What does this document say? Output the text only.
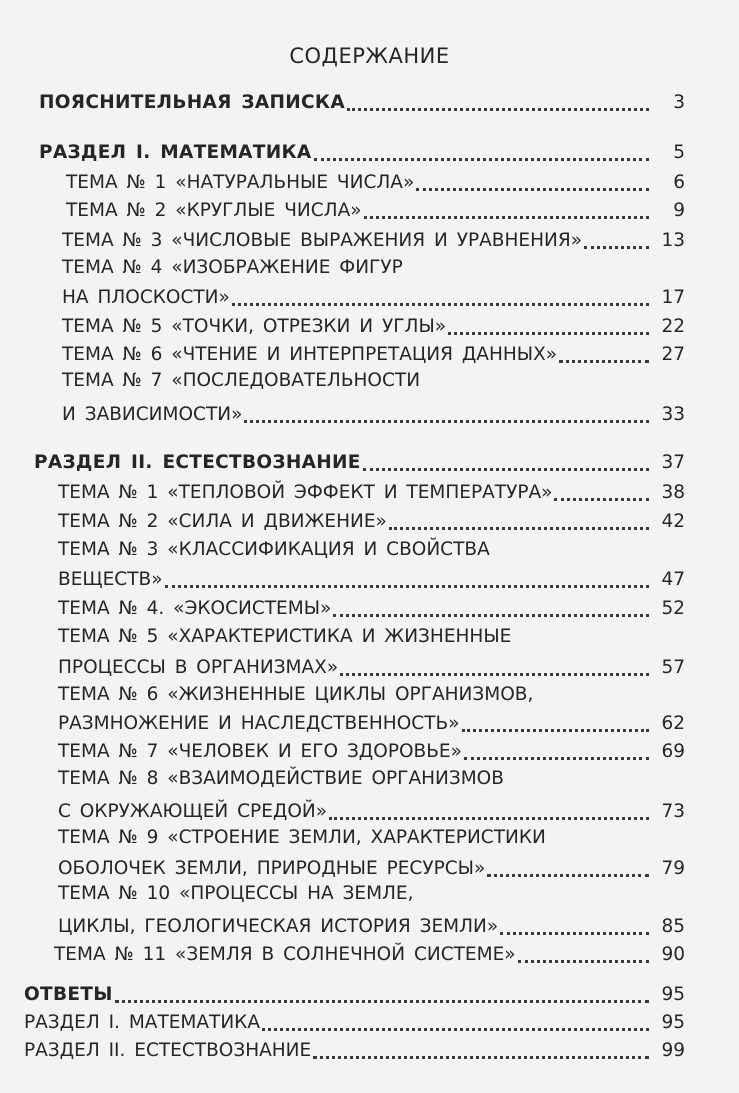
СОДЕРЖАНИЕ
ПОЯСНИТЕЛЬНАЯ ЗАПИСКА	3
РАЗДЕЛ I. МАТЕМАТИКА	5
ТЕМА № 1 «НАТУРАЛЬНЫЕ ЧИСЛА»	6
ТЕМА № 2 «КРУГЛЫЕ ЧИСЛА»	9
ТЕМА № 3 «ЧИСЛОВЫЕ ВЫРАЖЕНИЯ И УРАВНЕНИЯ»	13
ТЕМА № 4 «ИЗОБРАЖЕНИЕ ФИГУР
НА ПЛОСКОСТИ»	17
ТЕМА № 5 «ТОЧКИ, ОТРЕЗКИ И УГЛЫ»	22
ТЕМА № 6 «ЧТЕНИЕ И ИНТЕРПРЕТАЦИЯ ДАННЫХ»	27
ТЕМА № 7 «ПОСЛЕДОВАТЕЛЬНОСТИ
И ЗАВИСИМОСТИ»	33
РАЗДЕЛ II. ЕСТЕСТВОЗНАНИЕ	37
ТЕМА № 1 «ТЕПЛОВОЙ ЭФФЕКТ И ТЕМПЕРАТУРА»	38
ТЕМА № 2 «СИЛА И ДВИЖЕНИЕ»	42
ТЕМА № 3 «КЛАССИФИКАЦИЯ И СВОЙСТВА
ВЕЩЕСТВ»	47
ТЕМА № 4. «ЭКОСИСТЕМЫ»	52
ТЕМА № 5 «ХАРАКТЕРИСТИКА И ЖИЗНЕННЫЕ
ПРОЦЕССЫ В ОРГАНИЗМАХ»	57
ТЕМА № 6 «ЖИЗНЕННЫЕ ЦИКЛЫ ОРГАНИЗМОВ,
РАЗМНОЖЕНИЕ И НАСЛЕДСТВЕННОСТЬ»	62
ТЕМА № 7 «ЧЕЛОВЕК И ЕГО ЗДОРОВЬЕ»	69
ТЕМА № 8 «ВЗАИМОДЕЙСТВИЕ ОРГАНИЗМОВ
С ОКРУЖАЮЩЕЙ СРЕДОЙ»	73
ТЕМА № 9 «СТРОЕНИЕ ЗЕМЛИ, ХАРАКТЕРИСТИКИ
ОБОЛОЧЕК ЗЕМЛИ, ПРИРОДНЫЕ РЕСУРСЫ»	79
ТЕМА № 10 «ПРОЦЕССЫ НА ЗЕМЛЕ,
ЦИКЛЫ, ГЕОЛОГИЧЕСКАЯ ИСТОРИЯ ЗЕМЛИ»	85
ТЕМА № 11 «ЗЕМЛЯ В СОЛНЕЧНОЙ СИСТЕМЕ»	90
ОТВЕТЫ	95
РАЗДЕЛ I. МАТЕМАТИКА	95
РАЗДЕЛ II. ЕСТЕСТВОЗНАНИЕ	99
